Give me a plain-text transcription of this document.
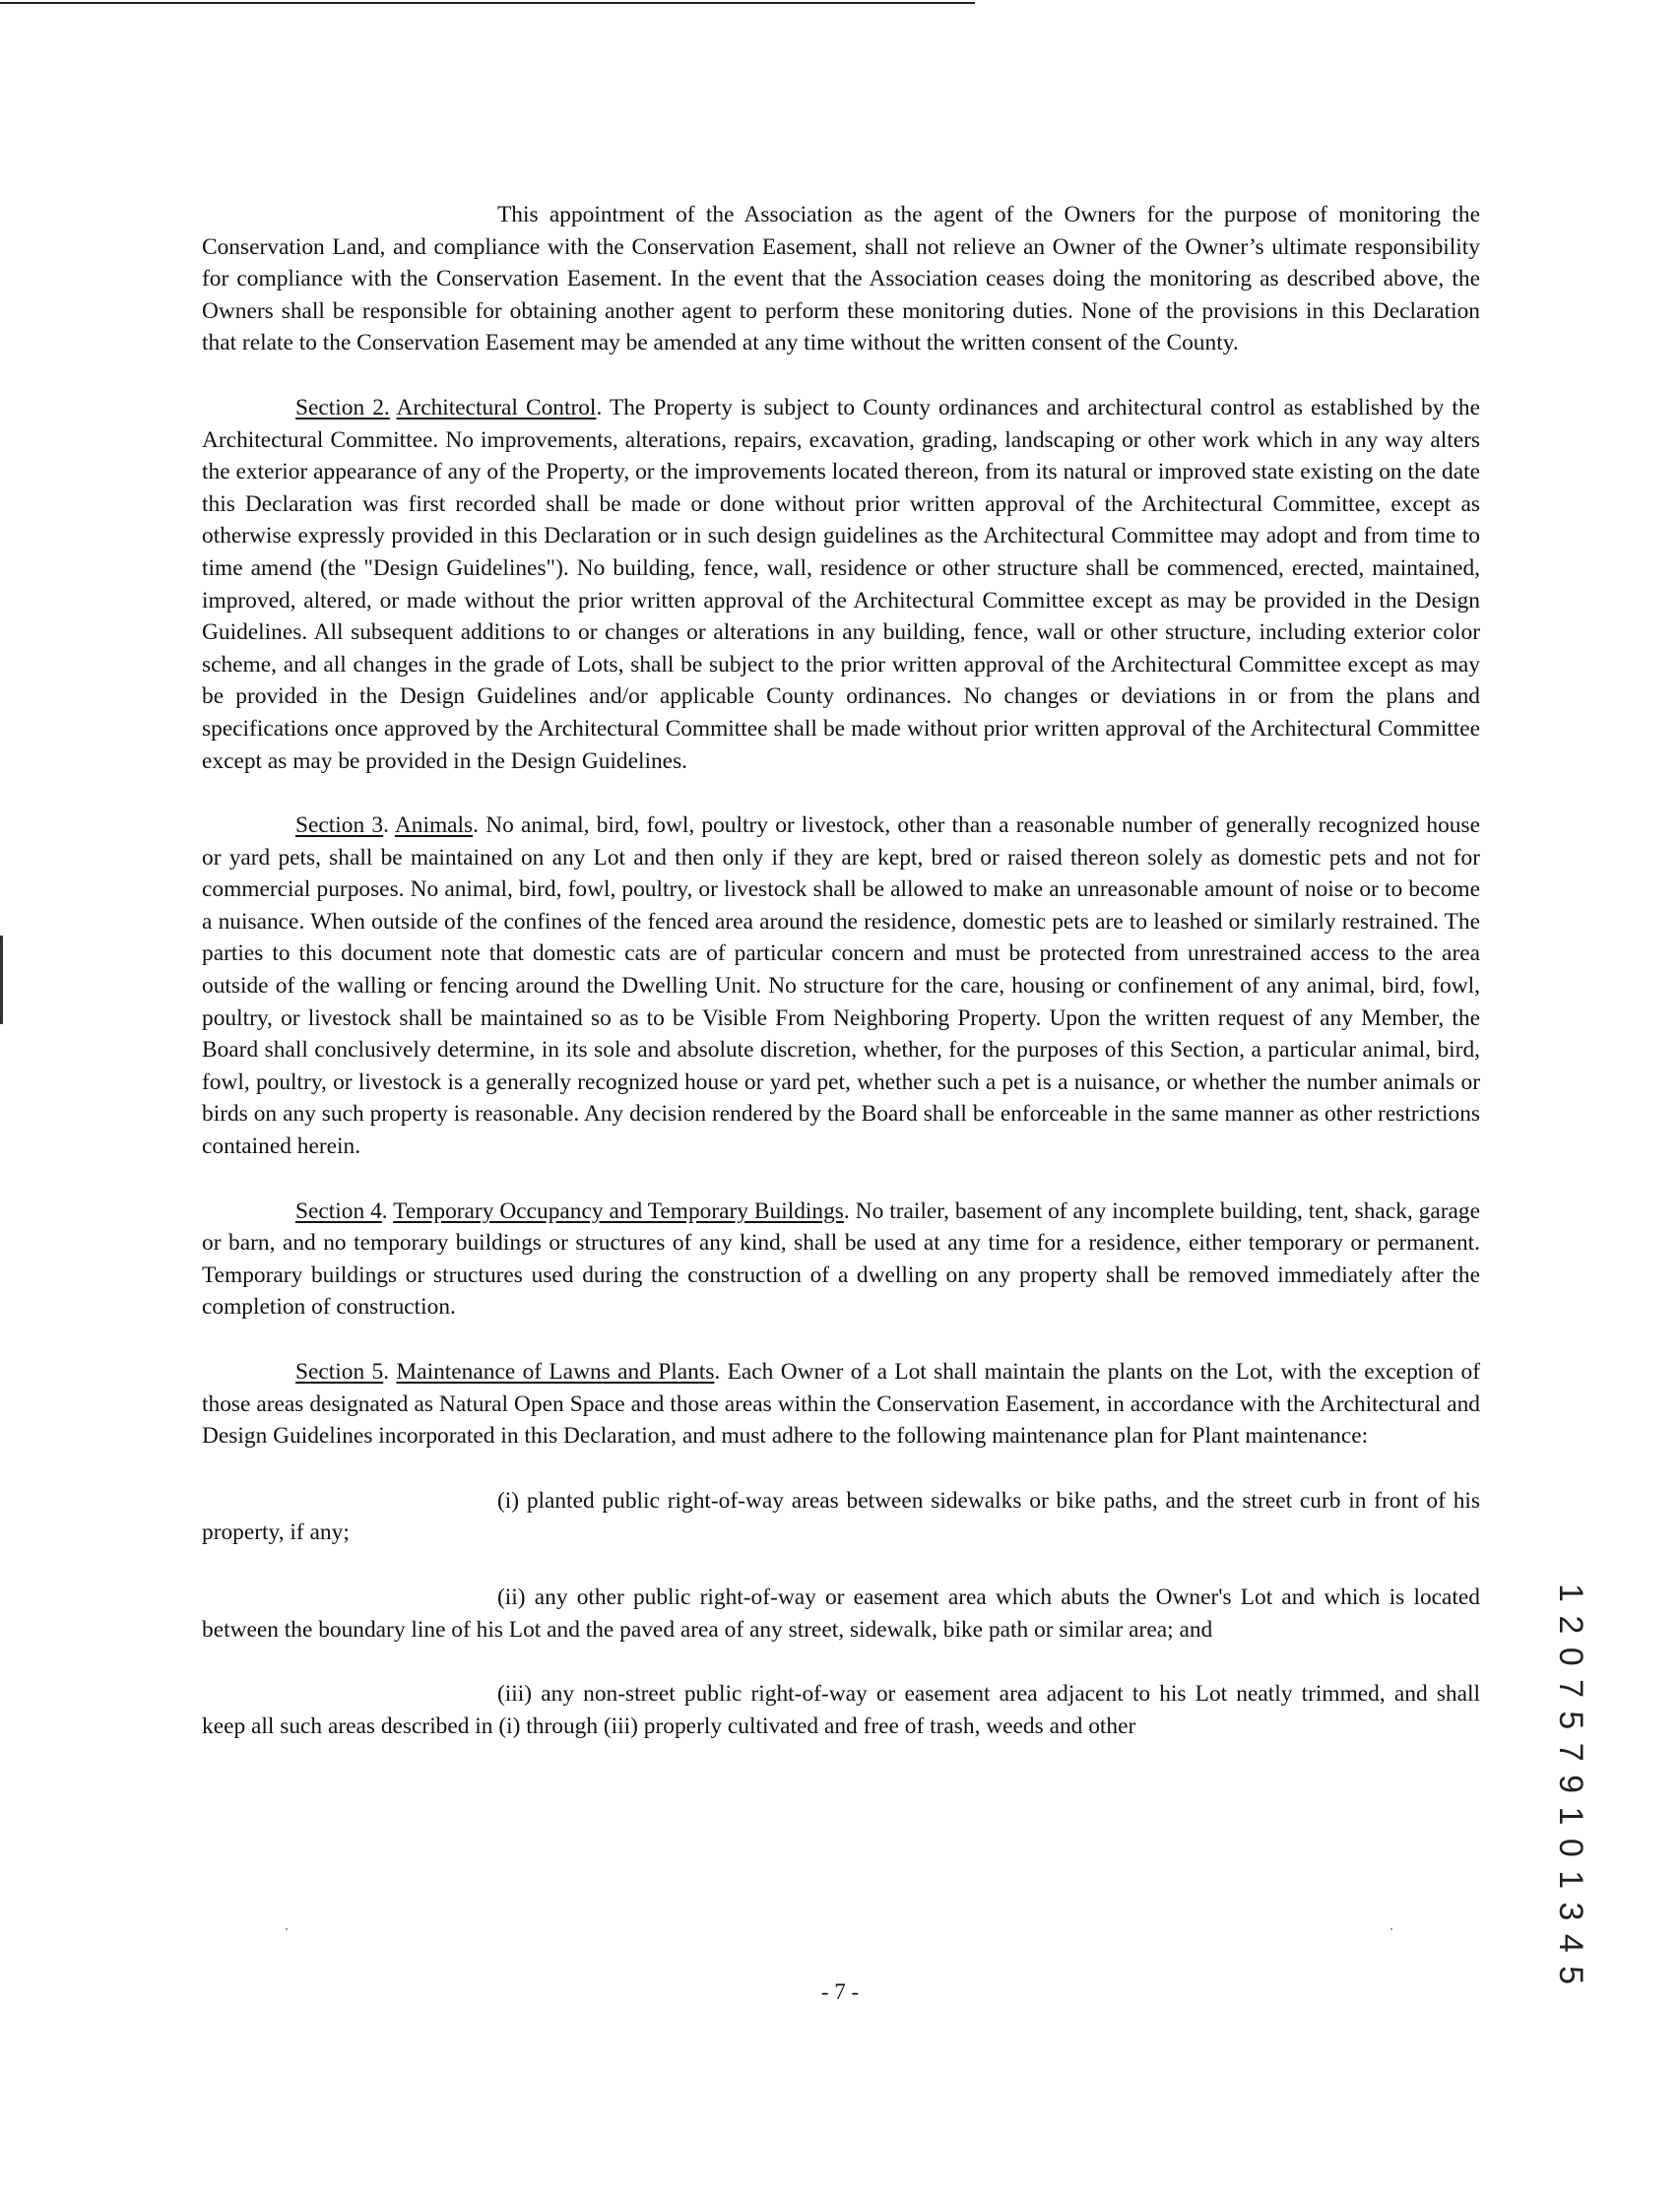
This appointment of the Association as the agent of the Owners for the purpose of monitoring the Conservation Land, and compliance with the Conservation Easement, shall not relieve an Owner of the Owner’s ultimate responsibility for compliance with the Conservation Easement. In the event that the Association ceases doing the monitoring as described above, the Owners shall be responsible for obtaining another agent to perform these monitoring duties. None of the provisions in this Declaration that relate to the Conservation Easement may be amended at any time without the written consent of the County.

Section 2. Architectural Control. The Property is subject to County ordinances and architectural control as established by the Architectural Committee. No improvements, alterations, repairs, excavation, grading, landscaping or other work which in any way alters the exterior appearance of any of the Property, or the improvements located thereon, from its natural or improved state existing on the date this Declaration was first recorded shall be made or done without prior written approval of the Architectural Committee, except as otherwise expressly provided in this Declaration or in such design guidelines as the Architectural Committee may adopt and from time to time amend (the "Design Guidelines"). No building, fence, wall, residence or other structure shall be commenced, erected, maintained, improved, altered, or made without the prior written approval of the Architectural Committee except as may be provided in the Design Guidelines. All subsequent additions to or changes or alterations in any building, fence, wall or other structure, including exterior color scheme, and all changes in the grade of Lots, shall be subject to the prior written approval of the Architectural Committee except as may be provided in the Design Guidelines and/or applicable County ordinances. No changes or deviations in or from the plans and specifications once approved by the Architectural Committee shall be made without prior written approval of the Architectural Committee except as may be provided in the Design Guidelines.

Section 3. Animals. No animal, bird, fowl, poultry or livestock, other than a reasonable number of generally recognized house or yard pets, shall be maintained on any Lot and then only if they are kept, bred or raised thereon solely as domestic pets and not for commercial purposes. No animal, bird, fowl, poultry, or livestock shall be allowed to make an unreasonable amount of noise or to become a nuisance. When outside of the confines of the fenced area around the residence, domestic pets are to leashed or similarly restrained. The parties to this document note that domestic cats are of particular concern and must be protected from unrestrained access to the area outside of the walling or fencing around the Dwelling Unit. No structure for the care, housing or confinement of any animal, bird, fowl, poultry, or livestock shall be maintained so as to be Visible From Neighboring Property. Upon the written request of any Member, the Board shall conclusively determine, in its sole and absolute discretion, whether, for the purposes of this Section, a particular animal, bird, fowl, poultry, or livestock is a generally recognized house or yard pet, whether such a pet is a nuisance, or whether the number animals or birds on any such property is reasonable. Any decision rendered by the Board shall be enforceable in the same manner as other restrictions contained herein.

Section 4. Temporary Occupancy and Temporary Buildings. No trailer, basement of any incomplete building, tent, shack, garage or barn, and no temporary buildings or structures of any kind, shall be used at any time for a residence, either temporary or permanent. Temporary buildings or structures used during the construction of a dwelling on any property shall be removed immediately after the completion of construction.

Section 5. Maintenance of Lawns and Plants. Each Owner of a Lot shall maintain the plants on the Lot, with the exception of those areas designated as Natural Open Space and those areas within the Conservation Easement, in accordance with the Architectural and Design Guidelines incorporated in this Declaration, and must adhere to the following maintenance plan for Plant maintenance:

(i) planted public right-of-way areas between sidewalks or bike paths, and the street curb in front of his property, if any;

(ii) any other public right-of-way or easement area which abuts the Owner's Lot and which is located between the boundary line of his Lot and the paved area of any street, sidewalk, bike path or similar area; and

(iii) any non-street public right-of-way or easement area adjacent to his Lot neatly trimmed, and shall keep all such areas described in (i) through (iii) properly cultivated and free of trash, weeds and other

- 7 -
1 2 0 7 5 7 9 1 0 1 3 4 5
